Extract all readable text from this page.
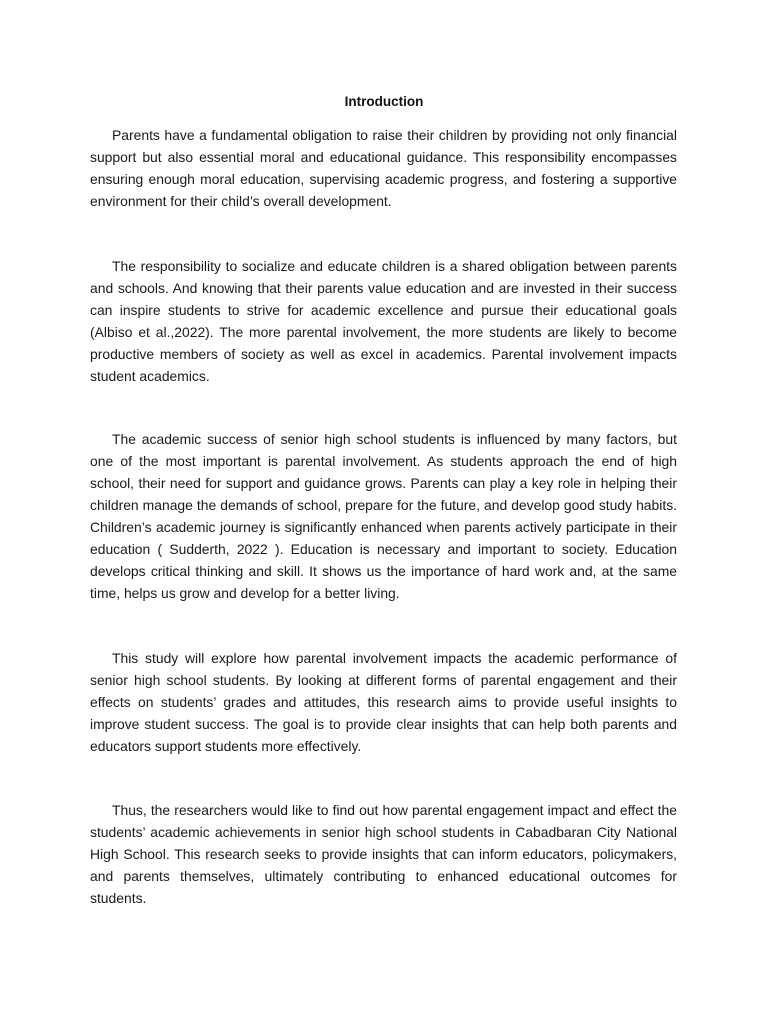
Introduction

Parents have a fundamental obligation to raise their children by providing not only financial support but also essential moral and educational guidance. This responsibility encompasses ensuring enough moral education, supervising academic progress, and fostering a supportive environment for their child’s overall development.

The responsibility to socialize and educate children is a shared obligation between parents and schools. And knowing that their parents value education and are invested in their success can inspire students to strive for academic excellence and pursue their educational goals (Albiso et al.,2022). The more parental involvement, the more students are likely to become productive members of society as well as excel in academics. Parental involvement impacts student academics.

The academic success of senior high school students is influenced by many factors, but one of the most important is parental involvement. As students approach the end of high school, their need for support and guidance grows. Parents can play a key role in helping their children manage the demands of school, prepare for the future, and develop good study habits. Children’s academic journey is significantly enhanced when parents actively participate in their education ( Sudderth, 2022 ). Education is necessary and important to society. Education develops critical thinking and skill. It shows us the importance of hard work and, at the same time, helps us grow and develop for a better living.

This study will explore how parental involvement impacts the academic performance of senior high school students. By looking at different forms of parental engagement and their effects on students’ grades and attitudes, this research aims to provide useful insights to improve student success. The goal is to provide clear insights that can help both parents and educators support students more effectively.

Thus, the researchers would like to find out how parental engagement impact and effect the students’ academic achievements in senior high school students in Cabadbaran City National High School. This research seeks to provide insights that can inform educators, policymakers, and parents themselves, ultimately contributing to enhanced educational outcomes for students.
